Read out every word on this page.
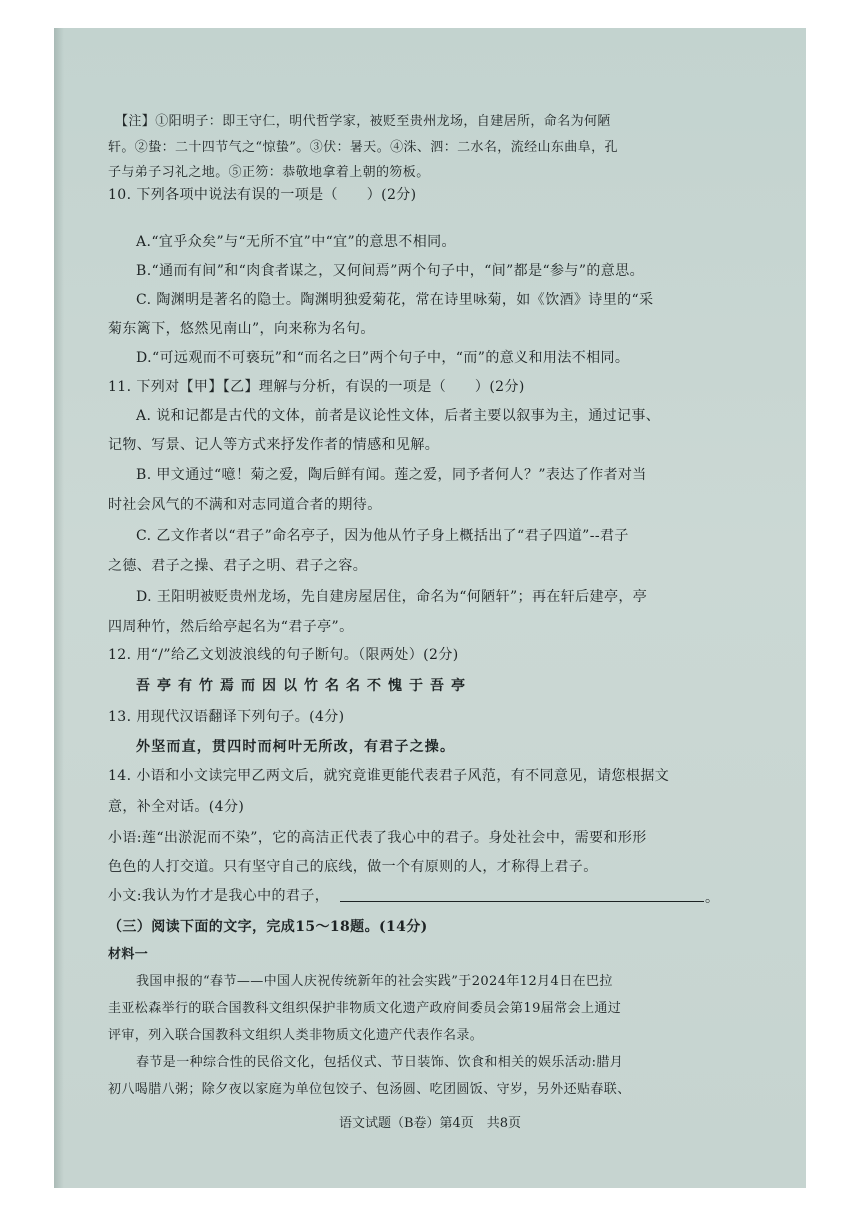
【注】①阳明子：即王守仁，明代哲学家，被贬至贵州龙场，自建居所，命名为何陋
轩。②蛰：二十四节气之“惊蛰”。③伏：暑天。④洙、泗：二水名，流经山东曲阜，孔
子与弟子习礼之地。⑤正笏：恭敬地拿着上朝的笏板。
10. 下列各项中说法有误的一项是（　　）(2分)
A.“宜乎众矣”与“无所不宜”中“宜”的意思不相同。
B.“通而有间”和“肉食者谋之，又何间焉”两个句子中，“间”都是“参与”的意思。
C. 陶渊明是著名的隐士。陶渊明独爱菊花，常在诗里咏菊，如《饮酒》诗里的“采
菊东篱下，悠然见南山”，向来称为名句。
D.“可远观而不可亵玩”和“而名之曰”两个句子中，“而”的意义和用法不相同。
11. 下列对【甲】【乙】理解与分析，有误的一项是（　　）(2分)
A. 说和记都是古代的文体，前者是议论性文体，后者主要以叙事为主，通过记事、
记物、写景、记人等方式来抒发作者的情感和见解。
B. 甲文通过“噫！菊之爱，陶后鲜有闻。莲之爱，同予者何人？”表达了作者对当
时社会风气的不满和对志同道合者的期待。
C. 乙文作者以“君子”命名亭子，因为他从竹子身上概括出了“君子四道”--君子
之德、君子之操、君子之明、君子之容。
D. 王阳明被贬贵州龙场，先自建房屋居住，命名为“何陋轩”；再在轩后建亭，亭
四周种竹，然后给亭起名为“君子亭”。
12. 用“/”给乙文划波浪线的句子断句。（限两处）(2分)
吾亭有竹焉而因以竹名名不愧于吾亭
13. 用现代汉语翻译下列句子。(4分)
外坚而直，贯四时而柯叶无所改，有君子之操。
14. 小语和小文读完甲乙两文后，就究竟谁更能代表君子风范，有不同意见，请您根据文
意，补全对话。(4分)
小语:莲“出淤泥而不染”，它的高洁正代表了我心中的君子。身处社会中，需要和形形
色色的人打交道。只有坚守自己的底线，做一个有原则的人，才称得上君子。
小文:我认为竹才是我心中的君子，	。
（三）阅读下面的文字，完成15～18题。(14分)
材料一
我国申报的“春节——中国人庆祝传统新年的社会实践”于2024年12月4日在巴拉
圭亚松森举行的联合国教科文组织保护非物质文化遗产政府间委员会第19届常会上通过
评审，列入联合国教科文组织人类非物质文化遗产代表作名录。
春节是一种综合性的民俗文化，包括仪式、节日装饰、饮食和相关的娱乐活动:腊月
初八喝腊八粥；除夕夜以家庭为单位包饺子、包汤圆、吃团圆饭、守岁，另外还贴春联、
语文试题（B卷）第4页　共8页
